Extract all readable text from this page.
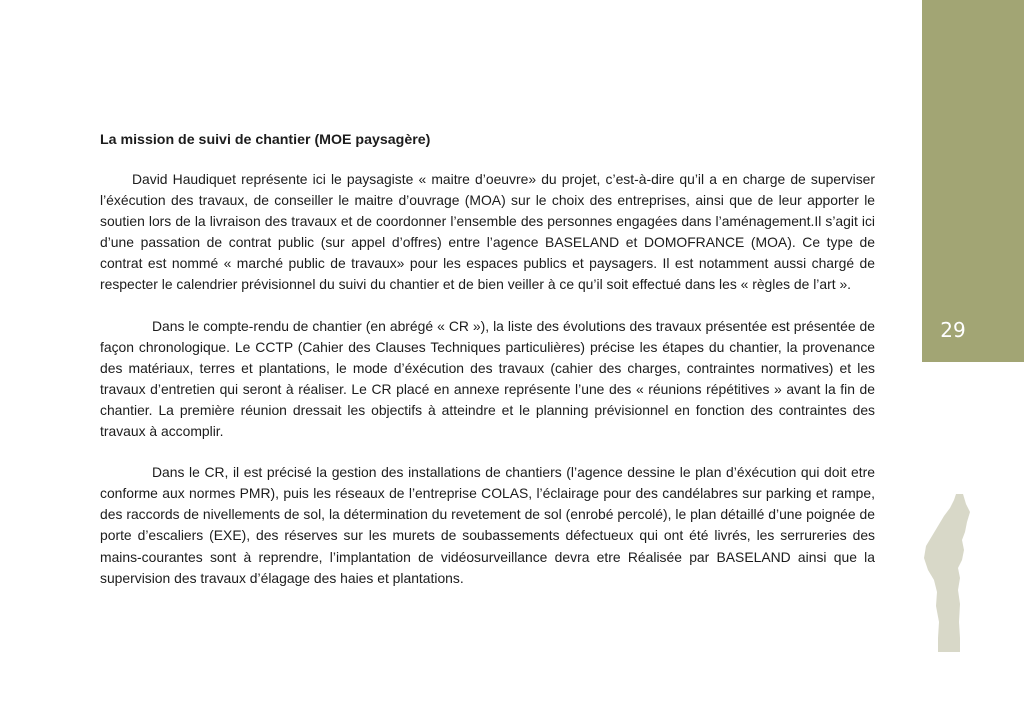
29
La mission de suivi de chantier (MOE paysagère)

David Haudiquet représente ici le paysagiste « maitre d’oeuvre» du projet, c’est-à-dire qu’il a en charge de superviser l’éxécution des travaux, de conseiller le maitre d’ouvrage (MOA) sur le choix des entreprises, ainsi que de leur apporter le soutien lors de la livraison des travaux et de coordonner l’ensemble des personnes engagées dans l’aménagement.Il s’agit ici d’une passation de contrat public (sur appel d’offres) entre l’agence BASELAND et DOMOFRANCE (MOA). Ce type de contrat est nommé « marché public de travaux» pour les espaces publics et paysagers. Il est notamment aussi chargé de respecter le calendrier prévisionnel du suivi du chantier et de bien veiller à ce qu’il soit effectué dans les « règles de l’art ».

Dans le compte-rendu de chantier (en abrégé « CR »), la liste des évolutions des travaux présentée est présentée de façon chronologique. Le CCTP (Cahier des Clauses Techniques particulières) précise les étapes du chantier, la provenance des matériaux, terres et plantations, le mode d’éxécution des travaux (cahier des charges, contraintes normatives) et les travaux d’entretien qui seront à réaliser. Le CR placé en annexe représente l’une des « réunions répétitives » avant la fin de chantier. La première réunion dressait les objectifs à atteindre et le planning prévisionnel en fonction des contraintes des travaux à accomplir.

Dans le CR, il est précisé la gestion des installations de chantiers (l’agence dessine le plan d’éxécution qui doit etre conforme aux normes PMR), puis les réseaux de l’entreprise COLAS, l’éclairage pour des candélabres sur parking et rampe, des raccords de nivellements de sol, la détermination du revetement de sol (enrobé percolé), le plan détaillé d’une poignée de porte d’escaliers (EXE), des réserves sur les murets de soubassements défectueux qui ont été livrés, les serrureries des mains-courantes sont à reprendre, l’implantation de vidéosurveillance devra etre Réalisée par BASELAND ainsi que la supervision des travaux d’élagage des haies et plantations.
